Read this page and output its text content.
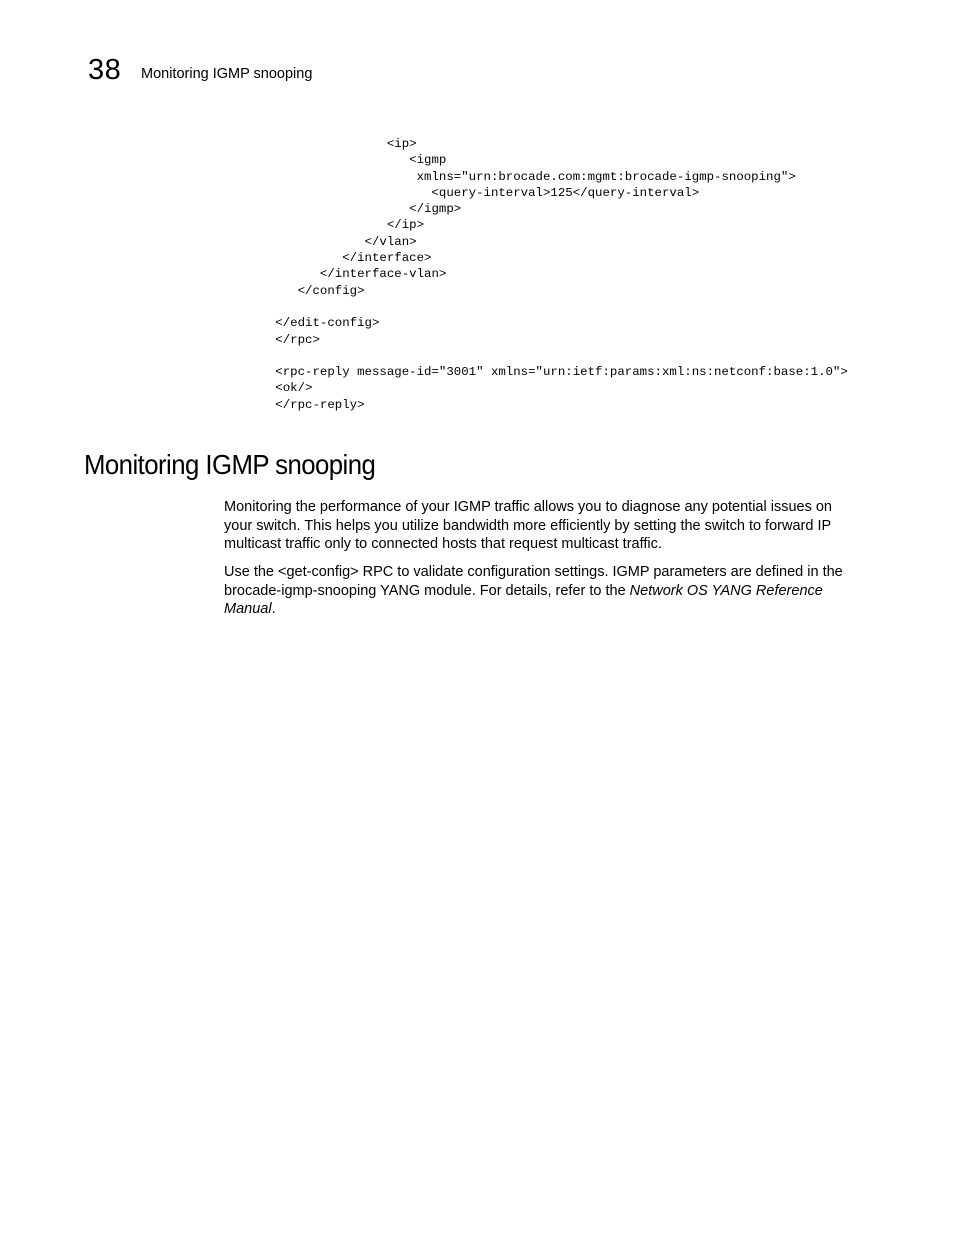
38 Monitoring IGMP snooping
<ip>
<igmp
xmlns="urn:brocade.com:mgmt:brocade-igmp-snooping">
<query-interval>125</query-interval>
</igmp>
</ip>
</vlan>
</interface>
</interface-vlan>
</config>
</edit-config>
</rpc>
<rpc-reply message-id="3001" xmlns="urn:ietf:params:xml:ns:netconf:base:1.0">
<ok/>
</rpc-reply>
Monitoring IGMP snooping

Monitoring the performance of your IGMP traffic allows you to diagnose any potential issues on
your switch. This helps you utilize bandwidth more efficiently by setting the switch to forward IP
multicast traffic only to connected hosts that request multicast traffic.

Use the <get-config> RPC to validate configuration settings. IGMP parameters are defined in the
brocade-igmp-snooping YANG module. For details, refer to the Network OS YANG Reference
Manual.
